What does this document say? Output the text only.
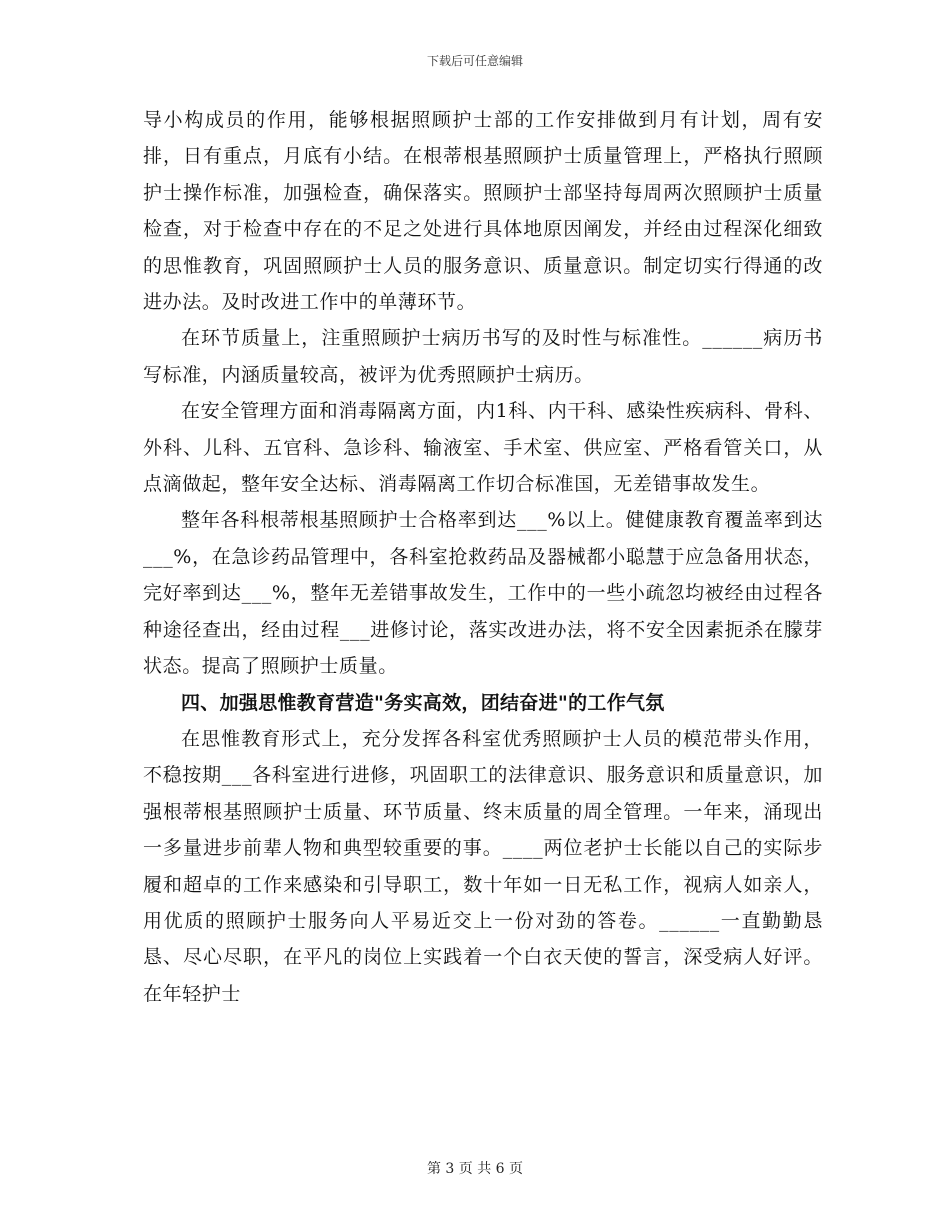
下载后可任意编辑

导小构成员的作用，能够根据照顾护士部的工作安排做到月有计划，周有安排，日有重点，月底有小结。在根蒂根基照顾护士质量管理上，严格执行照顾护士操作标准，加强检查，确保落实。照顾护士部坚持每周两次照顾护士质量检查，对于检查中存在的不足之处进行具体地原因阐发，并经由过程深化细致的思惟教育，巩固照顾护士人员的服务意识、质量意识。制定切实行得通的改进办法。及时改进工作中的单薄环节。

在环节质量上，注重照顾护士病历书写的及时性与标准性。______病历书写标准，内涵质量较高，被评为优秀照顾护士病历。

在安全管理方面和消毒隔离方面，内1科、内干科、感染性疾病科、骨科、外科、儿科、五官科、急诊科、输液室、手术室、供应室、严格看管关口，从点滴做起，整年安全达标、消毒隔离工作切合标准国，无差错事故发生。

整年各科根蒂根基照顾护士合格率到达___%以上。健健康教育覆盖率到达___%，在急诊药品管理中，各科室抢救药品及器械都小聪慧于应急备用状态，完好率到达___%，整年无差错事故发生，工作中的一些小疏忽均被经由过程各种途径查出，经由过程___进修讨论，落实改进办法，将不安全因素扼杀在朦芽状态。提高了照顾护士质量。

四、加强思惟教育营造"务实高效，团结奋进"的工作气氛

在思惟教育形式上，充分发挥各科室优秀照顾护士人员的模范带头作用，不稳按期___各科室进行进修，巩固职工的法律意识、服务意识和质量意识，加强根蒂根基照顾护士质量、环节质量、终末质量的周全管理。一年来，涌现出一多量进步前辈人物和典型较重要的事。____两位老护士长能以自己的实际步履和超卓的工作来感染和引导职工，数十年如一日无私工作，视病人如亲人，用优质的照顾护士服务向人平易近交上一份对劲的答卷。______一直勤勤恳恳、尽心尽职，在平凡的岗位上实践着一个白衣天使的誓言，深受病人好评。在年轻护士

第 3 页 共 6 页
